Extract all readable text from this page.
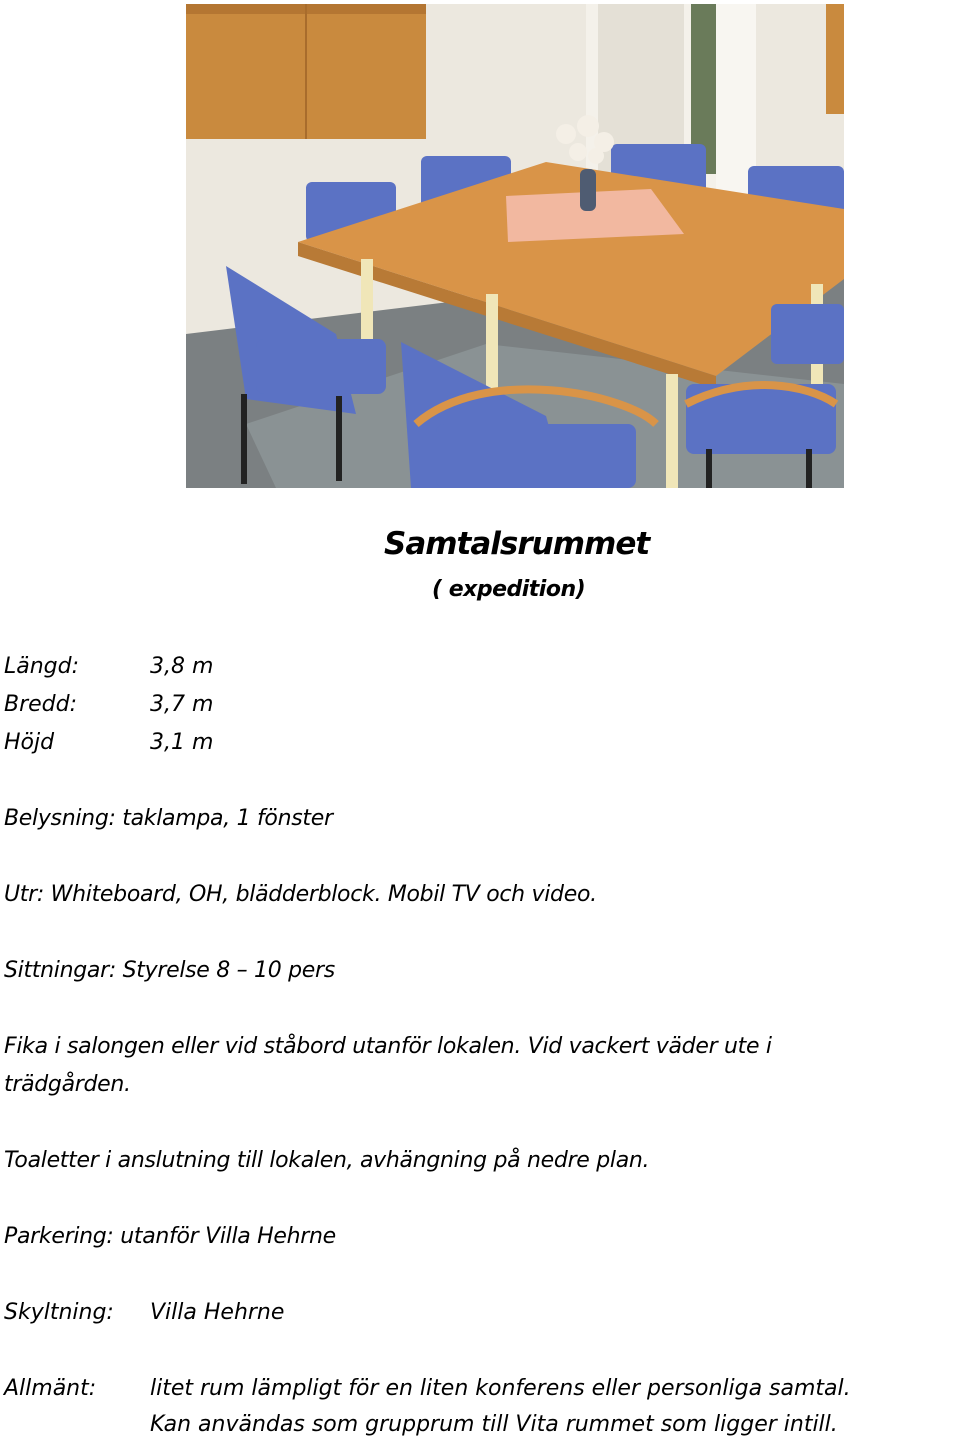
Samtalsrummet
( expedition)
Längd:	3,8 m
Bredd:	3,7 m
Höjd	3,1 m
Belysning: taklampa, 1 fönster
Utr: Whiteboard, OH, blädderblock. Mobil TV och video.
Sittningar: Styrelse 8 – 10 pers
Fika i salongen eller vid ståbord utanför lokalen. Vid vackert väder ute i
trädgården.
Toaletter i anslutning till lokalen, avhängning på nedre plan.
Parkering: utanför Villa Hehrne
Skyltning: Villa Hehrne
Allmänt: litet rum lämpligt för en liten konferens eller personliga samtal.
Kan användas som grupprum till Vita rummet som ligger intill.
